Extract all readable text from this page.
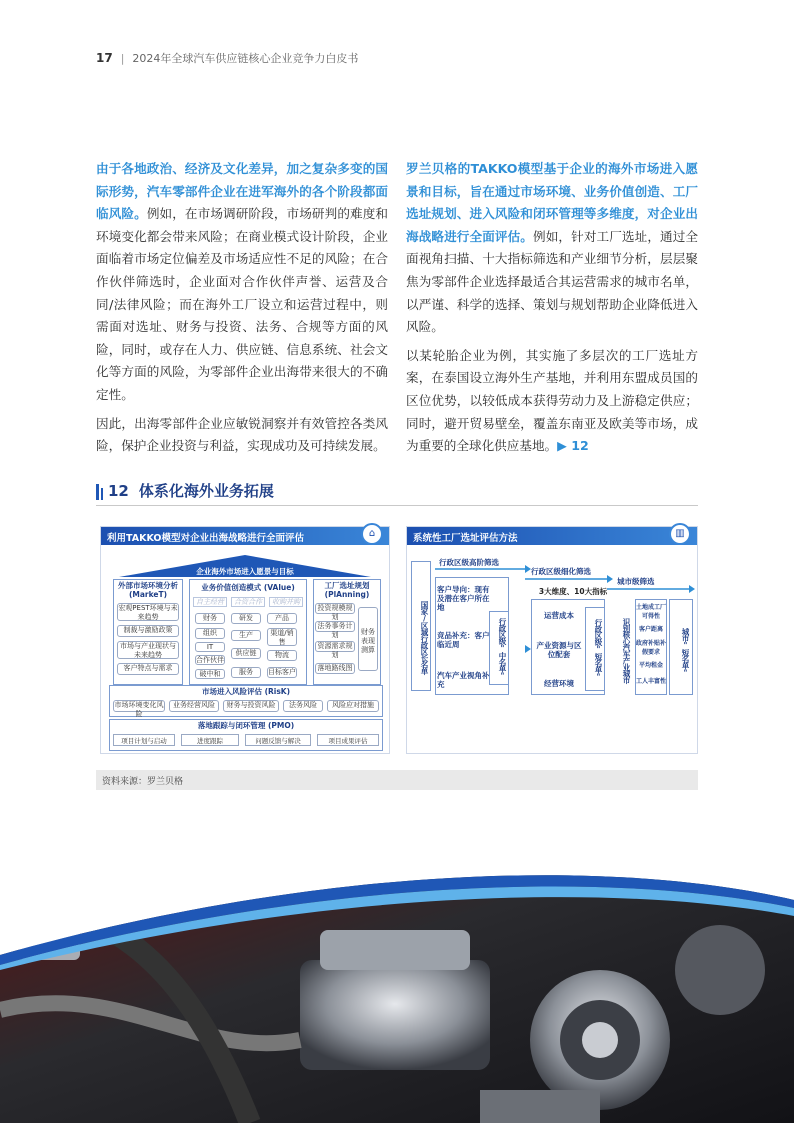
17 | 2024年全球汽车供应链核心企业竞争力白皮书

由于各地政治、经济及文化差异，加之复杂多变的国际形势，汽车零部件企业在进军海外的各个阶段都面临风险。例如，在市场调研阶段，市场研判的难度和环境变化都会带来风险；在商业模式设计阶段，企业面临着市场定位偏差及市场适应性不足的风险；在合作伙伴筛选时，企业面对合作伙伴声誉、运营及合同/法律风险；而在海外工厂设立和运营过程中，则需面对选址、财务与投资、法务、合规等方面的风险，同时，或存在人力、供应链、信息系统、社会文化等方面的风险，为零部件企业出海带来很大的不确定性。

因此，出海零部件企业应敏锐洞察并有效管控各类风险，保护企业投资与利益，实现成功及可持续发展。

罗兰贝格的TAKKO模型基于企业的海外市场进入愿景和目标，旨在通过市场环境、业务价值创造、工厂选址规划、进入风险和闭环管理等多维度，对企业出海战略进行全面评估。例如，针对工厂选址，通过全面视角扫描、十大指标筛选和产业细节分析，层层聚焦为零部件企业选择最适合其运营需求的城市名单，以严谨、科学的选择、策划与规划帮助企业降低进入风险。

以某轮胎企业为例，其实施了多层次的工厂选址方案，在泰国设立海外生产基地，并利用东盟成员国的区位优势，以较低成本获得劳动力及上游稳定供应；同时，避开贸易壁垒，覆盖东南亚及欧美等市场，成为重要的全球化供应基地。▶ 12

12 体系化海外业务拓展
利用TAKKO模型对企业出海战略进行全面评估	⌂
企业海外市场进入愿景与目标
外部市场环境分析
(MarkeT)
宏观PEST环境与未来趋势
制裁与激励政策
市场与产业现状与未来趋势
客户特点与需求
业务价值创造模式 (VAlue)
自主经营	合资合作	收购并购
财务	研发	产品
组织	生产	渠道/销售
IT
供应链	物流
合作伙伴
服务	目标客户
破中和
工厂选址规划
(PlAnning)
投资规模规划
法务事务计划
资源需求规划
落地路线图
财务表现测算
市场进入风险评估 (RisK)
市场环境变化风险
业务经营风险	财务与投资风险	法务风险	风险应对措施
落地跟踪与闭环管理 (PMO)
项目计划与启动	进度跟踪	问题反馈与解决	项目成果评估
系统性工厂选址评估方法	▥
行政区级高阶筛选
行政区级细化筛选
城市级筛选
国家/区域行政区长名单
客户导向：现有及潜在客户所在地
竞品补充：客户临近周
汽车产业视角补充
行政区级"中名单"
3大维度、10大指标
运营成本
产业资源与区位配套
经营环境
行政区级"短名单"	识别核心汽车产业城市
土地成工厂可得性
客户距离
政府补贴补假要求
平均租金
工人丰富性
城市"短名单"
资料来源：罗兰贝格
